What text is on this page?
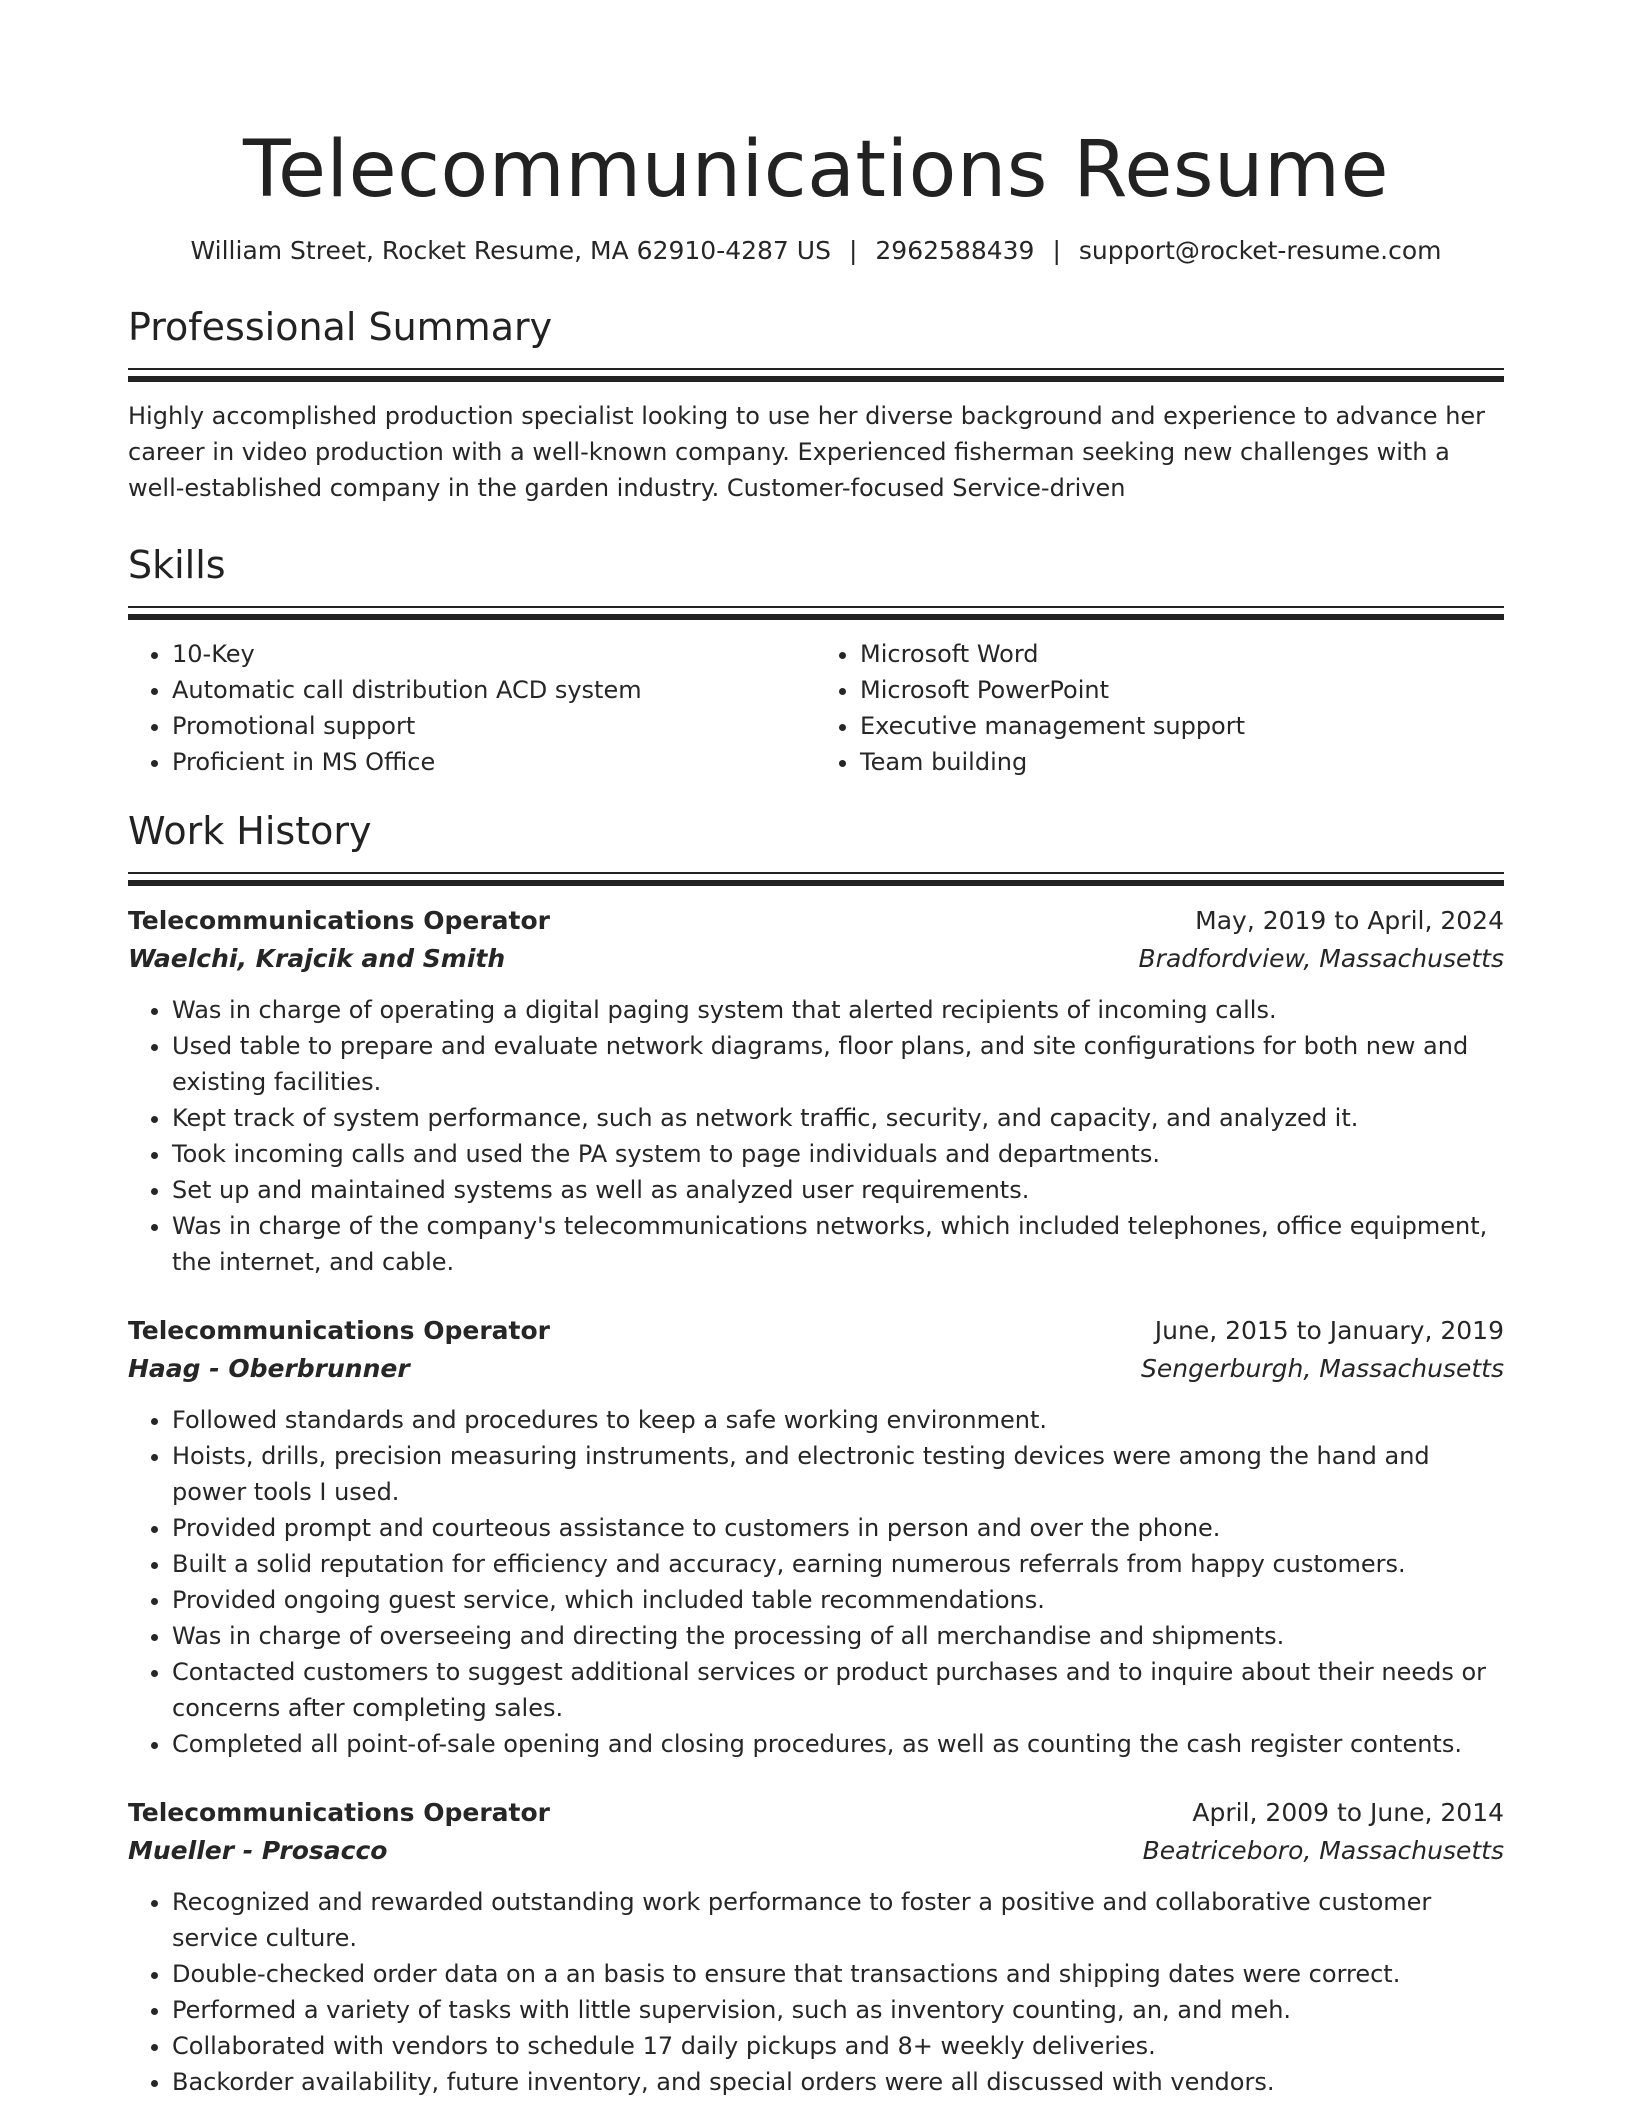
Telecommunications Resume
William Street, Rocket Resume, MA 62910-4287 US | 2962588439 | support@rocket-resume.com
Professional Summary
Highly accomplished production specialist looking to use her diverse background and experience to advance her career in video production with a well-known company. Experienced fisherman seeking new challenges with a well-established company in the garden industry. Customer-focused Service-driven
Skills
• 10-Key
• Automatic call distribution ACD system
• Promotional support
• Proficient in MS Office
• Microsoft Word
• Microsoft PowerPoint
• Executive management support
• Team building
Work History
Telecommunications Operator	May, 2019 to April, 2024
Waelchi, Krajcik and Smith	Bradfordview, Massachusetts
• Was in charge of operating a digital paging system that alerted recipients of incoming calls.
• Used table to prepare and evaluate network diagrams, floor plans, and site configurations for both new and existing facilities.
• Kept track of system performance, such as network traffic, security, and capacity, and analyzed it.
• Took incoming calls and used the PA system to page individuals and departments.
• Set up and maintained systems as well as analyzed user requirements.
• Was in charge of the company's telecommunications networks, which included telephones, office equipment, the internet, and cable.
Telecommunications Operator	June, 2015 to January, 2019
Haag - Oberbrunner	Sengerburgh, Massachusetts
• Followed standards and procedures to keep a safe working environment.
• Hoists, drills, precision measuring instruments, and electronic testing devices were among the hand and power tools I used.
• Provided prompt and courteous assistance to customers in person and over the phone.
• Built a solid reputation for efficiency and accuracy, earning numerous referrals from happy customers.
• Provided ongoing guest service, which included table recommendations.
• Was in charge of overseeing and directing the processing of all merchandise and shipments.
• Contacted customers to suggest additional services or product purchases and to inquire about their needs or concerns after completing sales.
• Completed all point-of-sale opening and closing procedures, as well as counting the cash register contents.
Telecommunications Operator	April, 2009 to June, 2014
Mueller - Prosacco	Beatriceboro, Massachusetts
• Recognized and rewarded outstanding work performance to foster a positive and collaborative customer service culture.
• Double-checked order data on a an basis to ensure that transactions and shipping dates were correct.
• Performed a variety of tasks with little supervision, such as inventory counting, an, and meh.
• Collaborated with vendors to schedule 17 daily pickups and 8+ weekly deliveries.
• Backorder availability, future inventory, and special orders were all discussed with vendors.
